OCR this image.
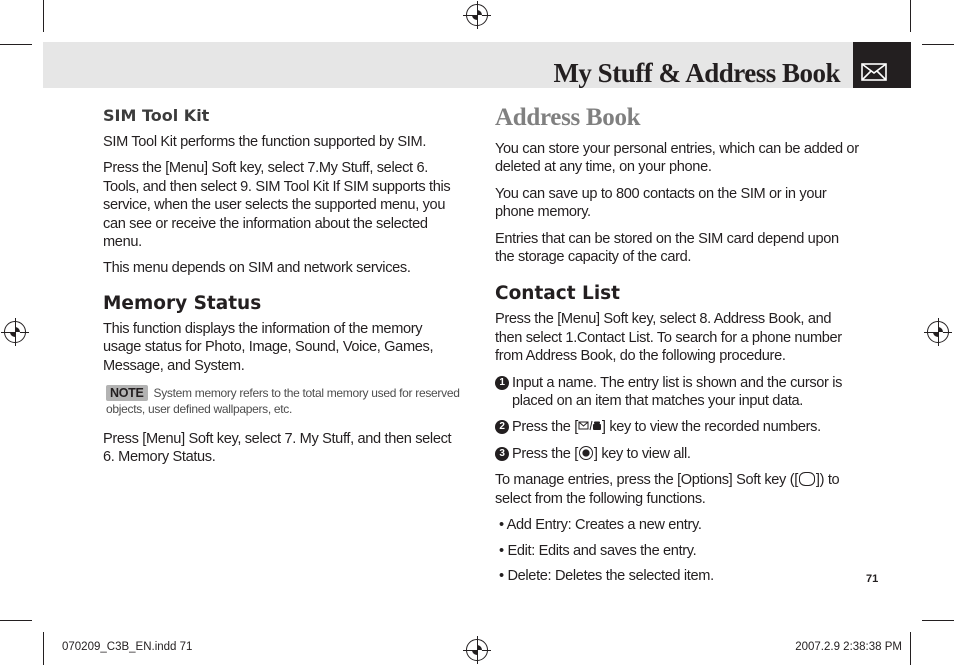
My Stuff & Address Book
SIM Tool Kit

SIM Tool Kit performs the function supported by SIM.

Press the [Menu] Soft key, select 7.My Stuff, select 6. Tools, and then select 9. SIM Tool Kit If SIM supports this service, when the user selects the supported menu, you can see or receive the information about the selected menu.

This menu depends on SIM and network services.

Memory Status

This function displays the information of the memory usage status for Photo, Image, Sound, Voice, Games, Message, and System.

NOTE System memory refers to the total memory used for reserved objects, user defined wallpapers, etc.

Press [Menu] Soft key, select 7. My Stuff, and then select 6. Memory Status.

Address Book

You can store your personal entries, which can be added or deleted at any time, on your phone.

You can save up to 800 contacts on the SIM or in your phone memory.

Entries that can be stored on the SIM card depend upon the storage capacity of the card.

Contact List

Press the [Menu] Soft key, select 8. Address Book, and then select 1.Contact List. To search for a phone number from Address Book, do the following procedure.

1 Input a name. The entry list is shown and the cursor is placed on an item that matches your input data.

2 Press the [ ] key to view the recorded numbers.

3 Press the [ ] key to view all.

To manage entries, press the [Options] Soft key ([ ]) to select from the following functions.

• Add Entry: Creates a new entry.

• Edit: Edits and saves the entry.

• Delete: Deletes the selected item.	71
070209_C3B_EN.indd 71	2007.2.9 2:38:38 PM
